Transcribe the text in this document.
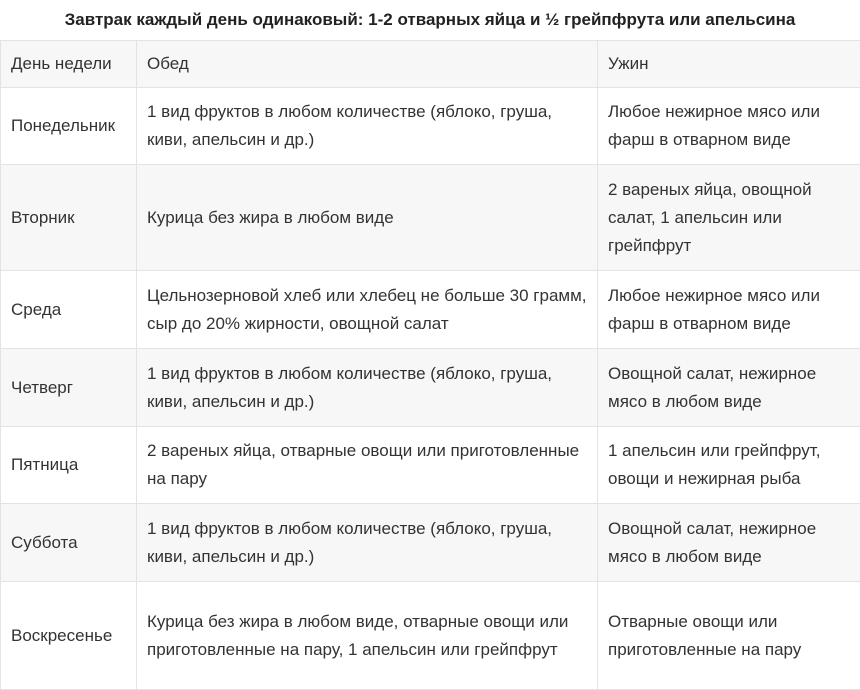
Завтрак каждый день одинаковый: 1-2 отварных яйца и ½ грейпфрута или апельсина
День недели	Обед	Ужин
Понедельник	1 вид фруктов в любом количестве (яблоко, груша, киви, апельсин и др.)	Любое нежирное мясо или фарш в отварном виде
Вторник	Курица без жира в любом виде	2 вареных яйца, овощной салат, 1 апельсин или грейпфрут
Среда	Цельнозерновой хлеб или хлебец не больше 30 грамм, сыр до 20% жирности, овощной салат	Любое нежирное мясо или фарш в отварном виде
Четверг	1 вид фруктов в любом количестве (яблоко, груша, киви, апельсин и др.)	Овощной салат, нежирное мясо в любом виде
Пятница	2 вареных яйца, отварные овощи или приготовленные на пару	1 апельсин или грейпфрут, овощи и нежирная рыба
Суббота	1 вид фруктов в любом количестве (яблоко, груша, киви, апельсин и др.)	Овощной салат, нежирное мясо в любом виде
Воскресенье	Курица без жира в любом виде, отварные овощи или приготовленные на пару, 1 апельсин или грейпфрут	Отварные овощи или приготовленные на пару
